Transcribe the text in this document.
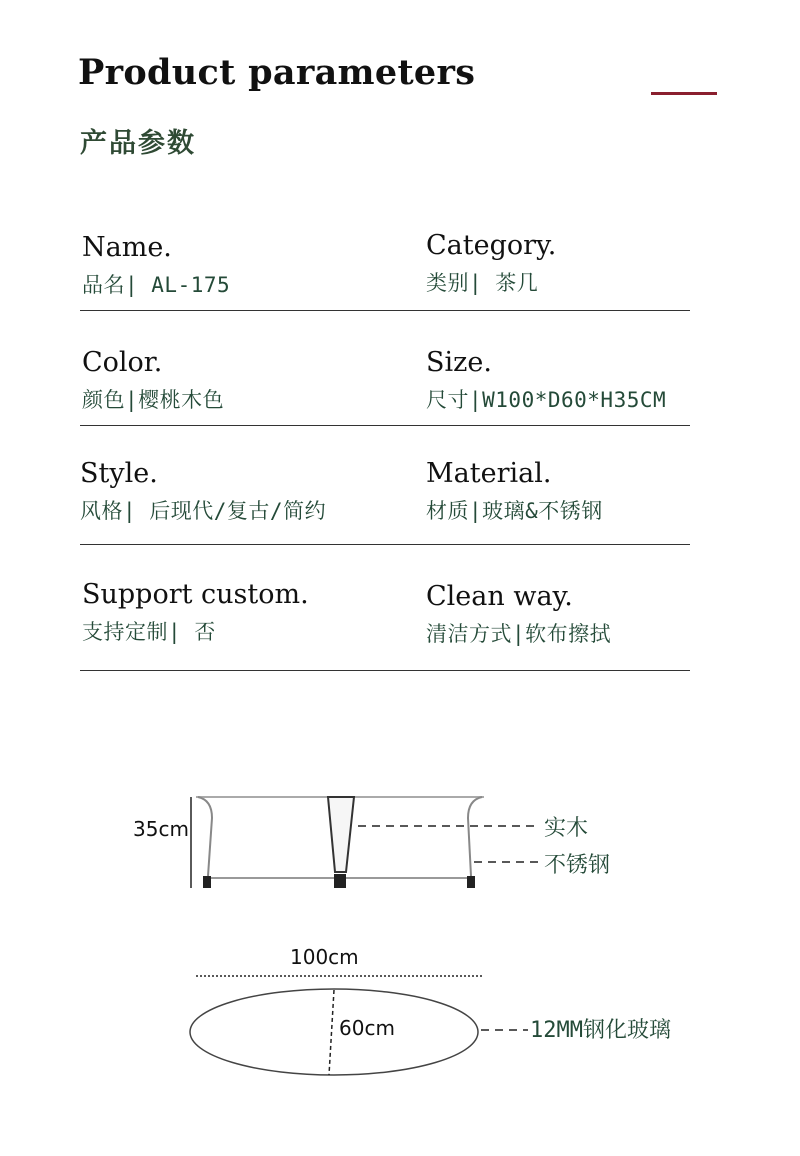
Product parameters
产品参数
Name.
品名| AL-175
Category.
类别| 茶几
Color.
颜色|樱桃木色
Size.
尺寸|W100*D60*H35CM
Style.
风格| 后现代/复古/简约
Material.
材质|玻璃&不锈钢
Support custom.
支持定制| 否
Clean way.
清洁方式|软布擦拭
35cm	实木
不锈钢
100cm
60cm	12MM钢化玻璃
